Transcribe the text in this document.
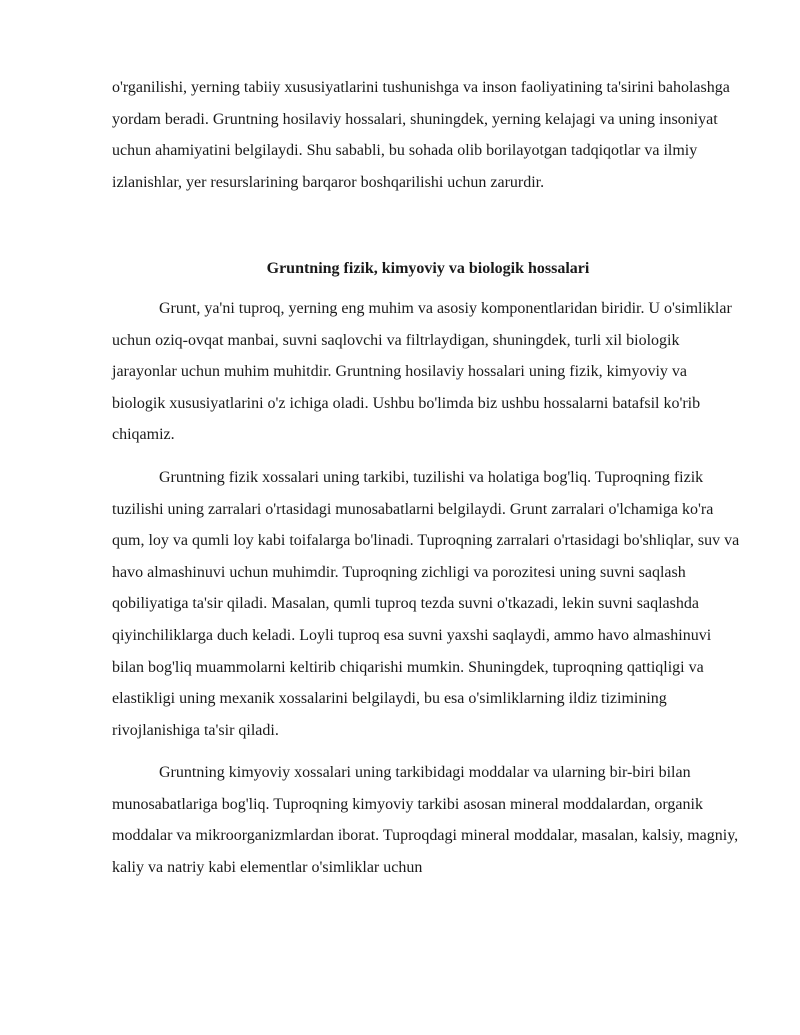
o'rganilishi, yerning tabiiy xususiyatlarini tushunishga va inson faoliyatining ta'sirini baholashga yordam beradi. Gruntning hosilaviy hossalari, shuningdek, yerning kelajagi va uning insoniyat uchun ahamiyatini belgilaydi. Shu sababli, bu sohada olib borilayotgan tadqiqotlar va ilmiy izlanishlar, yer resurslarining barqaror boshqarilishi uchun zarurdir.

Gruntning fizik, kimyoviy va biologik hossalari

Grunt, ya'ni tuproq, yerning eng muhim va asosiy komponentlaridan biridir. U o'simliklar uchun oziq-ovqat manbai, suvni saqlovchi va filtrlaydigan, shuningdek, turli xil biologik jarayonlar uchun muhim muhitdir. Gruntning hosilaviy hossalari uning fizik, kimyoviy va biologik xususiyatlarini o'z ichiga oladi. Ushbu bo'limda biz ushbu hossalarni batafsil ko'rib chiqamiz.

Gruntning fizik xossalari uning tarkibi, tuzilishi va holatiga bog'liq. Tuproqning fizik tuzilishi uning zarralari o'rtasidagi munosabatlarni belgilaydi. Grunt zarralari o'lchamiga ko'ra qum, loy va qumli loy kabi toifalarga bo'linadi. Tuproqning zarralari o'rtasidagi bo'shliqlar, suv va havo almashinuvi uchun muhimdir. Tuproqning zichligi va porozitesi uning suvni saqlash qobiliyatiga ta'sir qiladi. Masalan, qumli tuproq tezda suvni o'tkazadi, lekin suvni saqlashda qiyinchiliklarga duch keladi. Loyli tuproq esa suvni yaxshi saqlaydi, ammo havo almashinuvi bilan bog'liq muammolarni keltirib chiqarishi mumkin. Shuningdek, tuproqning qattiqligi va elastikligi uning mexanik xossalarini belgilaydi, bu esa o'simliklarning ildiz tizimining rivojlanishiga ta'sir qiladi.

Gruntning kimyoviy xossalari uning tarkibidagi moddalar va ularning bir-biri bilan munosabatlariga bog'liq. Tuproqning kimyoviy tarkibi asosan mineral moddalardan, organik moddalar va mikroorganizmlardan iborat. Tuproqdagi mineral moddalar, masalan, kalsiy, magniy, kaliy va natriy kabi elementlar o'simliklar uchun
